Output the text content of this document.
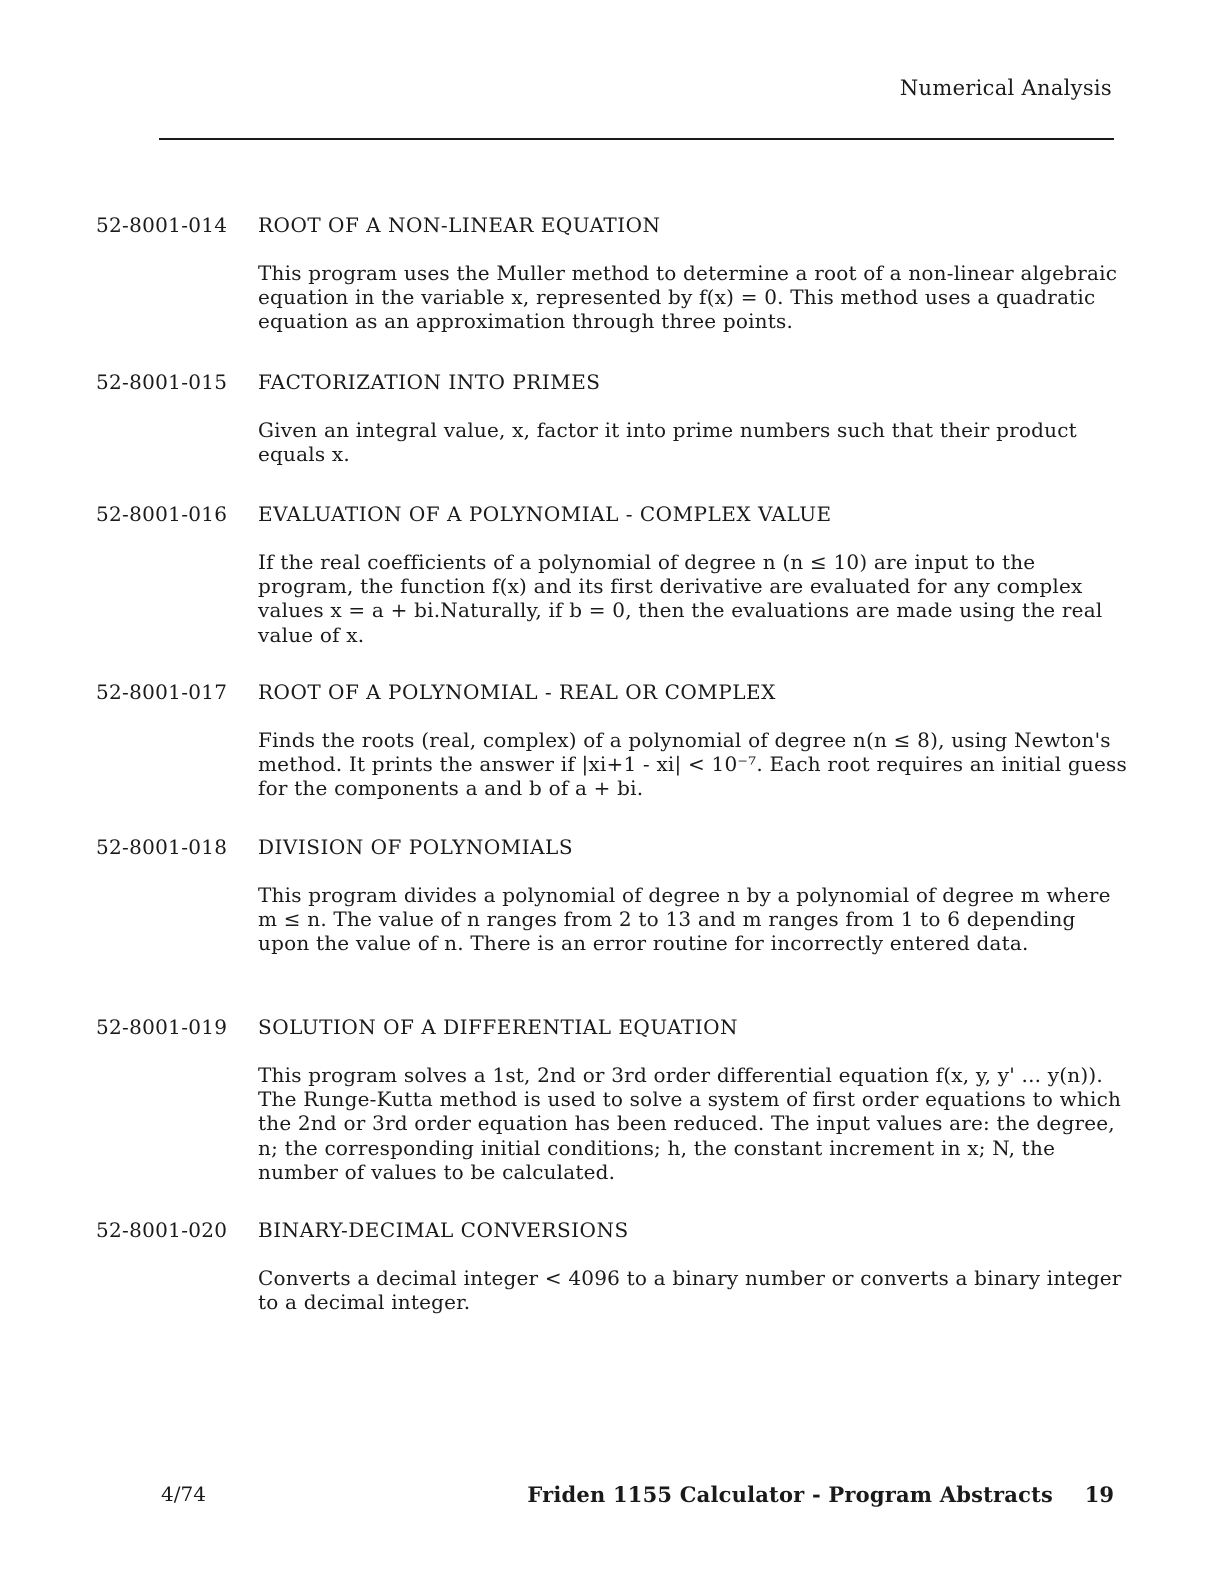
Numerical Analysis
52-8001-014 ROOT OF A NON-LINEAR EQUATION

This program uses the Muller method to determine a root of a non-linear algebraic equation in the variable x, represented by f(x) = 0. This method uses a quadratic equation as an approximation through three points.

52-8001-015 FACTORIZATION INTO PRIMES

Given an integral value, x, factor it into prime numbers such that their product equals x.

52-8001-016 EVALUATION OF A POLYNOMIAL - COMPLEX VALUE

If the real coefficients of a polynomial of degree n (n ≤ 10) are input to the program, the function f(x) and its first derivative are evaluated for any complex values x = a + bi.Naturally, if b = 0, then the evaluations are made using the real value of x.

52-8001-017 ROOT OF A POLYNOMIAL - REAL OR COMPLEX

Finds the roots (real, complex) of a polynomial of degree n(n ≤ 8), using Newton's method. It prints the answer if |xi+1 - xi| < 10⁻⁷. Each root requires an initial guess for the components a and b of a + bi.

52-8001-018 DIVISION OF POLYNOMIALS

This program divides a polynomial of degree n by a polynomial of degree m where m ≤ n. The value of n ranges from 2 to 13 and m ranges from 1 to 6 depending upon the value of n. There is an error routine for incorrectly entered data.

52-8001-019 SOLUTION OF A DIFFERENTIAL EQUATION

This program solves a 1st, 2nd or 3rd order differential equation f(x, y, y' ... y(n)). The Runge-Kutta method is used to solve a system of first order equations to which the 2nd or 3rd order equation has been reduced. The input values are: the degree, n; the corresponding initial conditions; h, the constant increment in x; N, the number of values to be calculated.

52-8001-020 BINARY-DECIMAL CONVERSIONS

Converts a decimal integer < 4096 to a binary number or converts a binary integer to a decimal integer.

4/74	Friden 1155 Calculator - Program Abstracts 19
